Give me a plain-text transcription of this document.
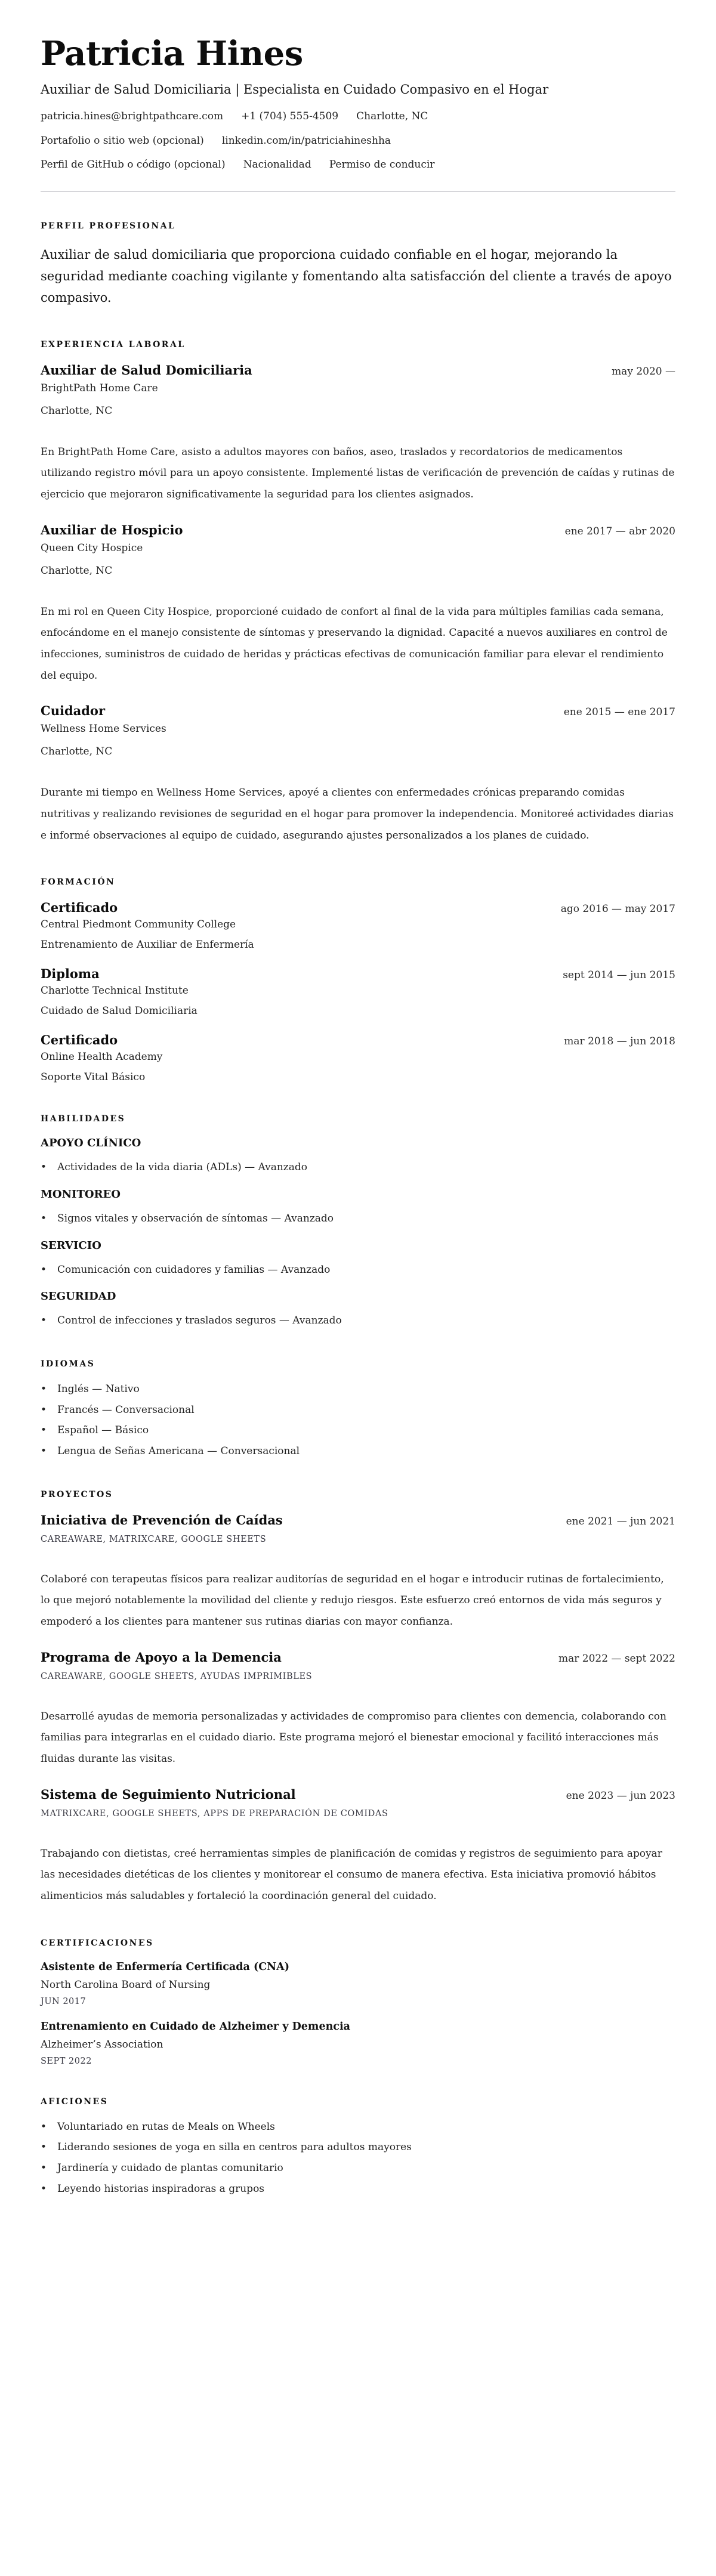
Patricia Hines
Auxiliar de Salud Domiciliaria | Especialista en Cuidado Compasivo en el Hogar
patricia.hines@brightpathcare.com +1 (704) 555-4509 Charlotte, NC
Portafolio o sitio web (opcional) linkedin.com/in/patriciahineshha
Perfil de GitHub o código (opcional) Nacionalidad Permiso de conducir
PERFIL PROFESIONAL

Auxiliar de salud domiciliaria que proporciona cuidado confiable en el hogar, mejorando la seguridad mediante coaching vigilante y fomentando alta satisfacción del cliente a través de apoyo compasivo.

EXPERIENCIA LABORAL
Auxiliar de Salud Domiciliaria	may 2020 —
BrightPath Home Care
Charlotte, NC

En BrightPath Home Care, asisto a adultos mayores con baños, aseo, traslados y recordatorios de medicamentos utilizando registro móvil para un apoyo consistente. Implementé listas de verificación de prevención de caídas y rutinas de ejercicio que mejoraron significativamente la seguridad para los clientes asignados.

Auxiliar de Hospicio	ene 2017 — abr 2020
Queen City Hospice
Charlotte, NC

En mi rol en Queen City Hospice, proporcioné cuidado de confort al final de la vida para múltiples familias cada semana, enfocándome en el manejo consistente de síntomas y preservando la dignidad. Capacité a nuevos auxiliares en control de infecciones, suministros de cuidado de heridas y prácticas efectivas de comunicación familiar para elevar el rendimiento del equipo.

Cuidador	ene 2015 — ene 2017
Wellness Home Services
Charlotte, NC

Durante mi tiempo en Wellness Home Services, apoyé a clientes con enfermedades crónicas preparando comidas nutritivas y realizando revisiones de seguridad en el hogar para promover la independencia. Monitoreé actividades diarias e informé observaciones al equipo de cuidado, asegurando ajustes personalizados a los planes de cuidado.

FORMACIÓN
Certificado	ago 2016 — may 2017
Central Piedmont Community College
Entrenamiento de Auxiliar de Enfermería
Diploma	sept 2014 — jun 2015
Charlotte Technical Institute
Cuidado de Salud Domiciliaria
Certificado	mar 2018 — jun 2018
Online Health Academy
Soporte Vital Básico
HABILIDADES
APOYO CLÍNICO
• Actividades de la vida diaria (ADLs) — Avanzado
MONITOREO
• Signos vitales y observación de síntomas — Avanzado
SERVICIO
• Comunicación con cuidadores y familias — Avanzado
SEGURIDAD
• Control de infecciones y traslados seguros — Avanzado
IDIOMAS
• Inglés — Nativo
• Francés — Conversacional
• Español — Básico
• Lengua de Señas Americana — Conversacional
PROYECTOS
Iniciativa de Prevención de Caídas	ene 2021 — jun 2021
CAREAWARE, MATRIXCARE, GOOGLE SHEETS

Colaboré con terapeutas físicos para realizar auditorías de seguridad en el hogar e introducir rutinas de fortalecimiento, lo que mejoró notablemente la movilidad del cliente y redujo riesgos. Este esfuerzo creó entornos de vida más seguros y empoderó a los clientes para mantener sus rutinas diarias con mayor confianza.

Programa de Apoyo a la Demencia	mar 2022 — sept 2022
CAREAWARE, GOOGLE SHEETS, AYUDAS IMPRIMIBLES

Desarrollé ayudas de memoria personalizadas y actividades de compromiso para clientes con demencia, colaborando con familias para integrarlas en el cuidado diario. Este programa mejoró el bienestar emocional y facilitó interacciones más fluidas durante las visitas.

Sistema de Seguimiento Nutricional	ene 2023 — jun 2023
MATRIXCARE, GOOGLE SHEETS, APPS DE PREPARACIÓN DE COMIDAS

Trabajando con dietistas, creé herramientas simples de planificación de comidas y registros de seguimiento para apoyar las necesidades dietéticas de los clientes y monitorear el consumo de manera efectiva. Esta iniciativa promovió hábitos alimenticios más saludables y fortaleció la coordinación general del cuidado.

CERTIFICACIONES
Asistente de Enfermería Certificada (CNA)
North Carolina Board of Nursing
JUN 2017
Entrenamiento en Cuidado de Alzheimer y Demencia
Alzheimer’s Association
SEPT 2022
AFICIONES
• Voluntariado en rutas de Meals on Wheels
• Liderando sesiones de yoga en silla en centros para adultos mayores
• Jardinería y cuidado de plantas comunitario
• Leyendo historias inspiradoras a grupos
